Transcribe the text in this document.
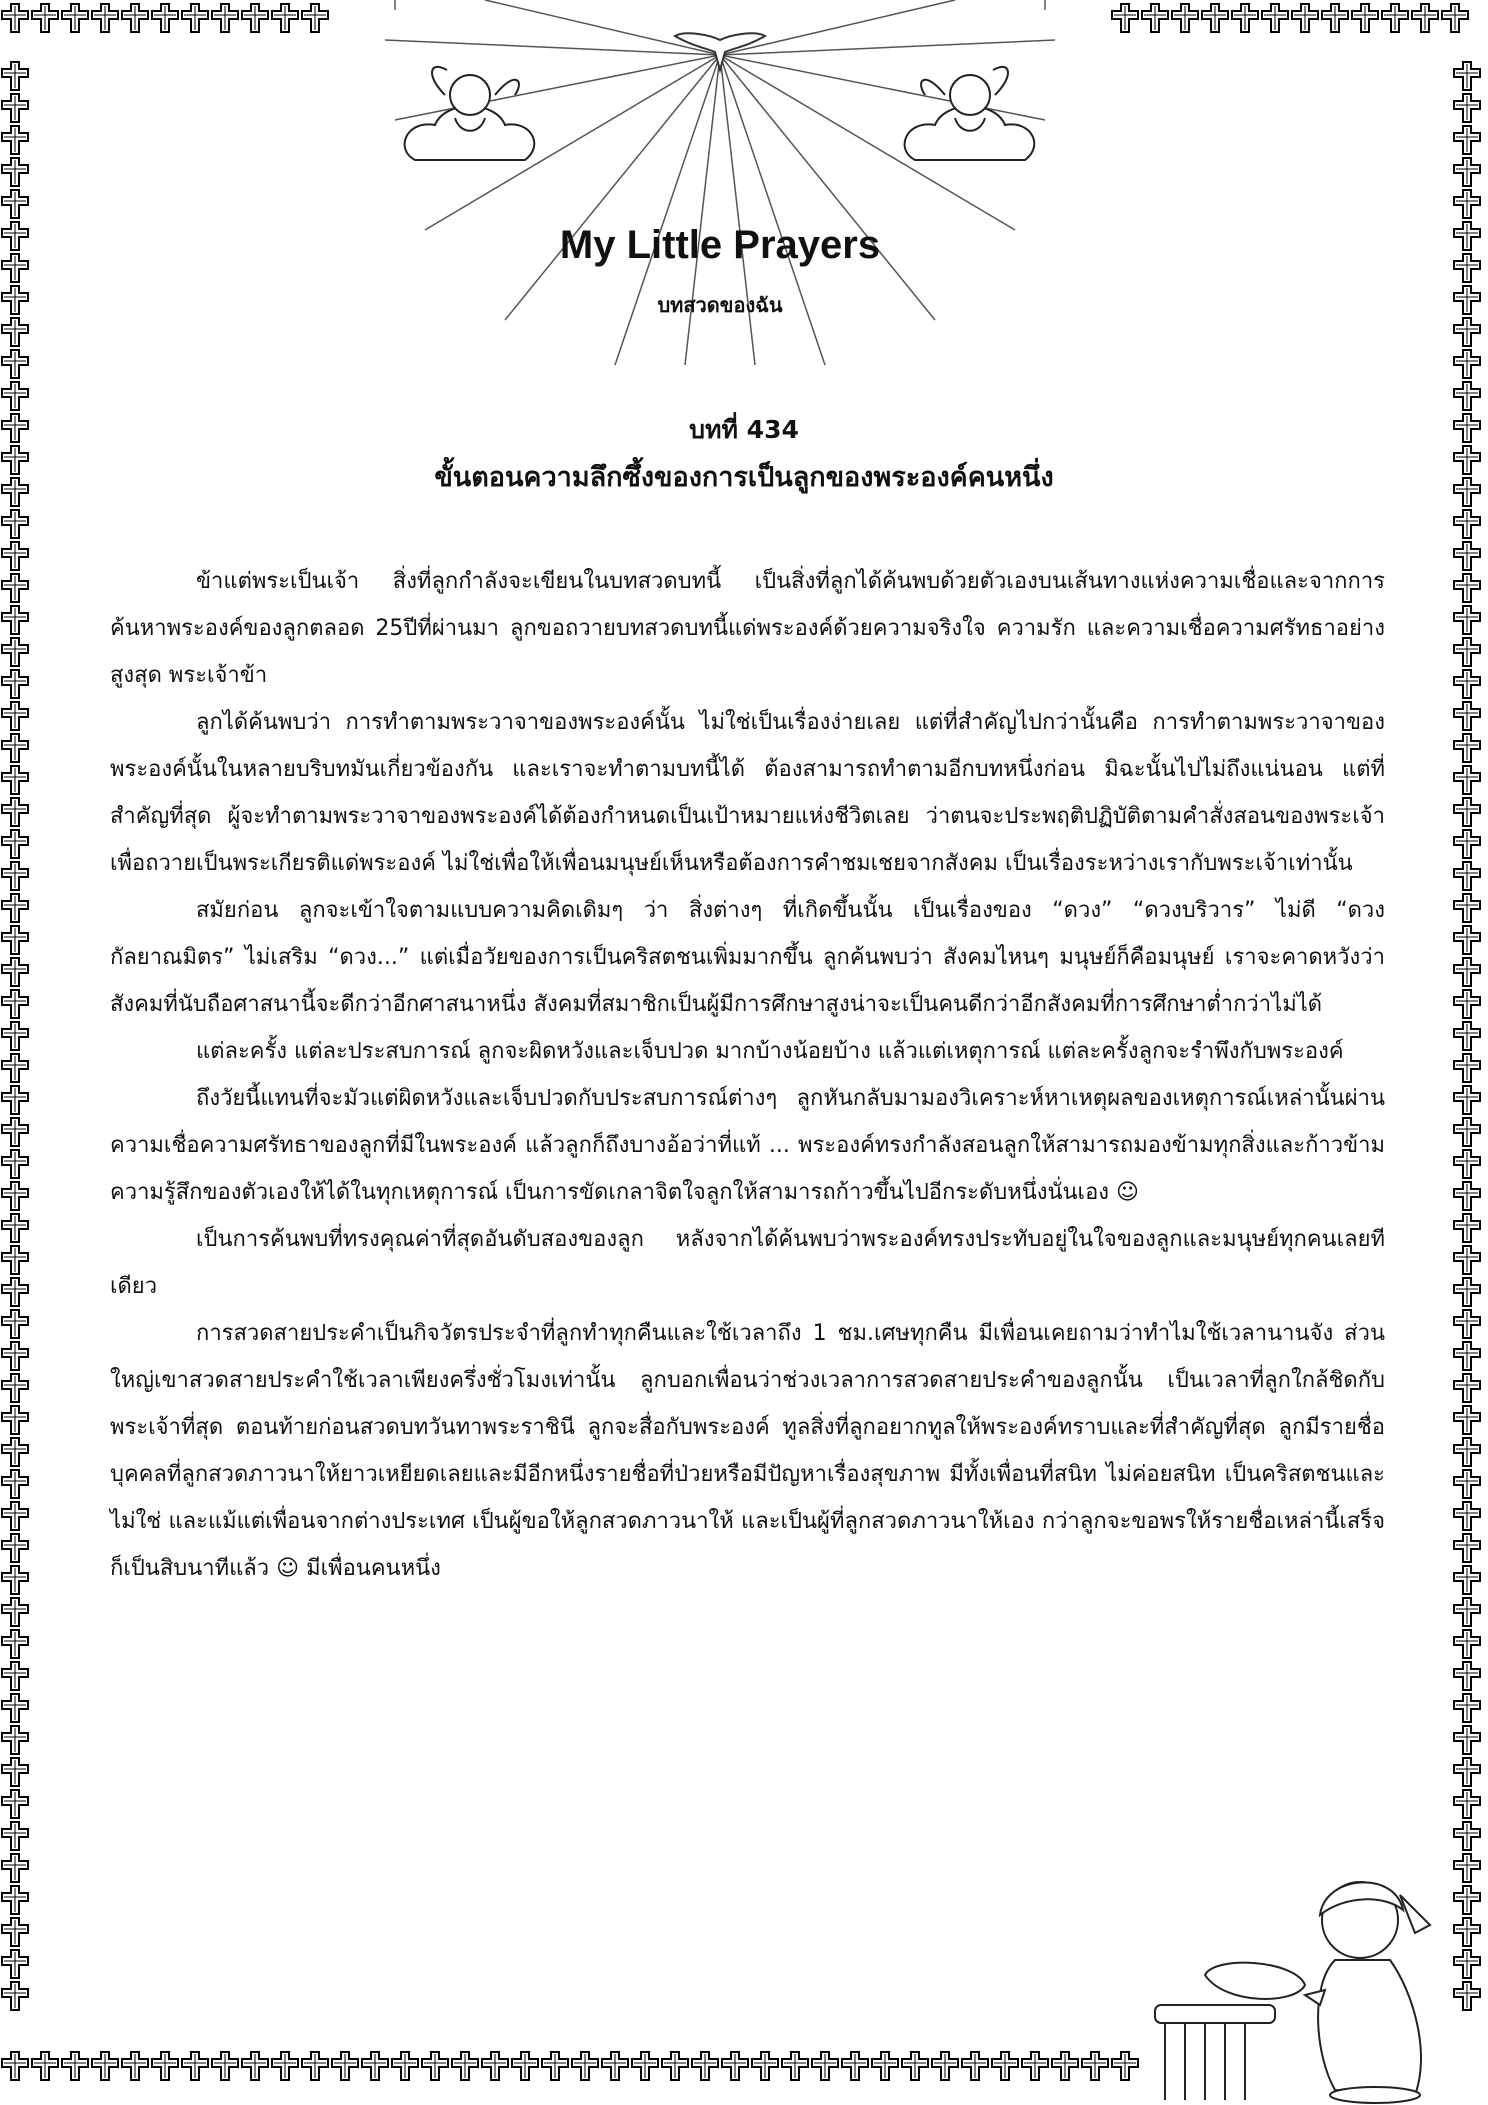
My Little Prayers
บทสวดของฉัน
บทที่ 434
ขั้นตอนความลึกซึ้งของการเป็นลูกของพระองค์คนหนึ่ง

ข้าแต่พระเป็นเจ้า สิ่งที่ลูกกำลังจะเขียนในบทสวดบทนี้ เป็นสิ่งที่ลูกได้ค้นพบด้วยตัวเองบนเส้นทางแห่งความเชื่อและจากการค้นหาพระองค์ของลูกตลอด 25ปีที่ผ่านมา ลูกขอถวายบทสวดบทนี้แด่พระองค์ด้วยความจริงใจ ความรัก และความเชื่อความศรัทธาอย่างสูงสุด พระเจ้าข้า

ลูกได้ค้นพบว่า การทำตามพระวาจาของพระองค์นั้น ไม่ใช่เป็นเรื่องง่ายเลย แต่ที่สำคัญไปกว่านั้นคือ การทำตามพระวาจาของพระองค์นั้นในหลายบริบทมันเกี่ยวข้องกัน และเราจะทำตามบทนี้ได้ ต้องสามารถทำตามอีกบทหนึ่งก่อน มิฉะนั้นไปไม่ถึงแน่นอน แต่ที่สำคัญที่สุด ผู้จะทำตามพระวาจาของพระองค์ได้ต้องกำหนดเป็นเป้าหมายแห่งชีวิตเลย ว่าตนจะประพฤติปฏิบัติตามคำสั่งสอนของพระเจ้า เพื่อถวายเป็นพระเกียรติแด่พระองค์ ไม่ใช่เพื่อให้เพื่อนมนุษย์เห็นหรือต้องการคำชมเชยจากสังคม เป็นเรื่องระหว่างเรากับพระเจ้าเท่านั้น

สมัยก่อน ลูกจะเข้าใจตามแบบความคิดเดิมๆ ว่า สิ่งต่างๆ ที่เกิดขึ้นนั้น เป็นเรื่องของ “ดวง” “ดวงบริวาร” ไม่ดี “ดวงกัลยาณมิตร” ไม่เสริม “ดวง...” แต่เมื่อวัยของการเป็นคริสตชนเพิ่มมากขึ้น ลูกค้นพบว่า สังคมไหนๆ มนุษย์ก็คือมนุษย์ เราจะคาดหวังว่าสังคมที่นับถือศาสนานี้จะดีกว่าอีกศาสนาหนึ่ง สังคมที่สมาชิกเป็นผู้มีการศึกษาสูงน่าจะเป็นคนดีกว่าอีกสังคมที่การศึกษาต่ำกว่าไม่ได้

แต่ละครั้ง แต่ละประสบการณ์ ลูกจะผิดหวังและเจ็บปวด มากบ้างน้อยบ้าง แล้วแต่เหตุการณ์ แต่ละครั้งลูกจะรำพึงกับพระองค์

ถึงวัยนี้แทนที่จะมัวแต่ผิดหวังและเจ็บปวดกับประสบการณ์ต่างๆ ลูกหันกลับมามองวิเคราะห์หาเหตุผลของเหตุการณ์เหล่านั้นผ่านความเชื่อความศรัทธาของลูกที่มีในพระองค์ แล้วลูกก็ถึงบางอ้อว่าที่แท้ ... พระองค์ทรงกำลังสอนลูกให้สามารถมองข้ามทุกสิ่งและก้าวข้ามความรู้สึกของตัวเองให้ได้ในทุกเหตุการณ์ เป็นการขัดเกลาจิตใจลูกให้สามารถก้าวขึ้นไปอีกระดับหนึ่งนั่นเอง ☺

เป็นการค้นพบที่ทรงคุณค่าที่สุดอันดับสองของลูก หลังจากได้ค้นพบว่าพระองค์ทรงประทับอยู่ในใจของลูกและมนุษย์ทุกคนเลยทีเดียว

การสวดสายประคำเป็นกิจวัตรประจำที่ลูกทำทุกคืนและใช้เวลาถึง 1 ชม.เศษทุกคืน มีเพื่อนเคยถามว่าทำไมใช้เวลานานจัง ส่วนใหญ่เขาสวดสายประคำใช้เวลาเพียงครึ่งชั่วโมงเท่านั้น ลูกบอกเพื่อนว่าช่วงเวลาการสวดสายประคำของลูกนั้น เป็นเวลาที่ลูกใกล้ชิดกับพระเจ้าที่สุด ตอนท้ายก่อนสวดบทวันทาพระราชินี ลูกจะสื่อกับพระองค์ ทูลสิ่งที่ลูกอยากทูลให้พระองค์ทราบและที่สำคัญที่สุด ลูกมีรายชื่อบุคคลที่ลูกสวดภาวนาให้ยาวเหยียดเลยและมีอีกหนึ่งรายชื่อที่ป่วยหรือมีปัญหาเรื่องสุขภาพ มีทั้งเพื่อนที่สนิท ไม่ค่อยสนิท เป็นคริสตชนและไม่ใช่ และแม้แต่เพื่อนจากต่างประเทศ เป็นผู้ขอให้ลูกสวดภาวนาให้ และเป็นผู้ที่ลูกสวดภาวนาให้เอง กว่าลูกจะขอพรให้รายชื่อเหล่านี้เสร็จ ก็เป็นสิบนาทีแล้ว ☺ มีเพื่อนคนหนึ่ง
